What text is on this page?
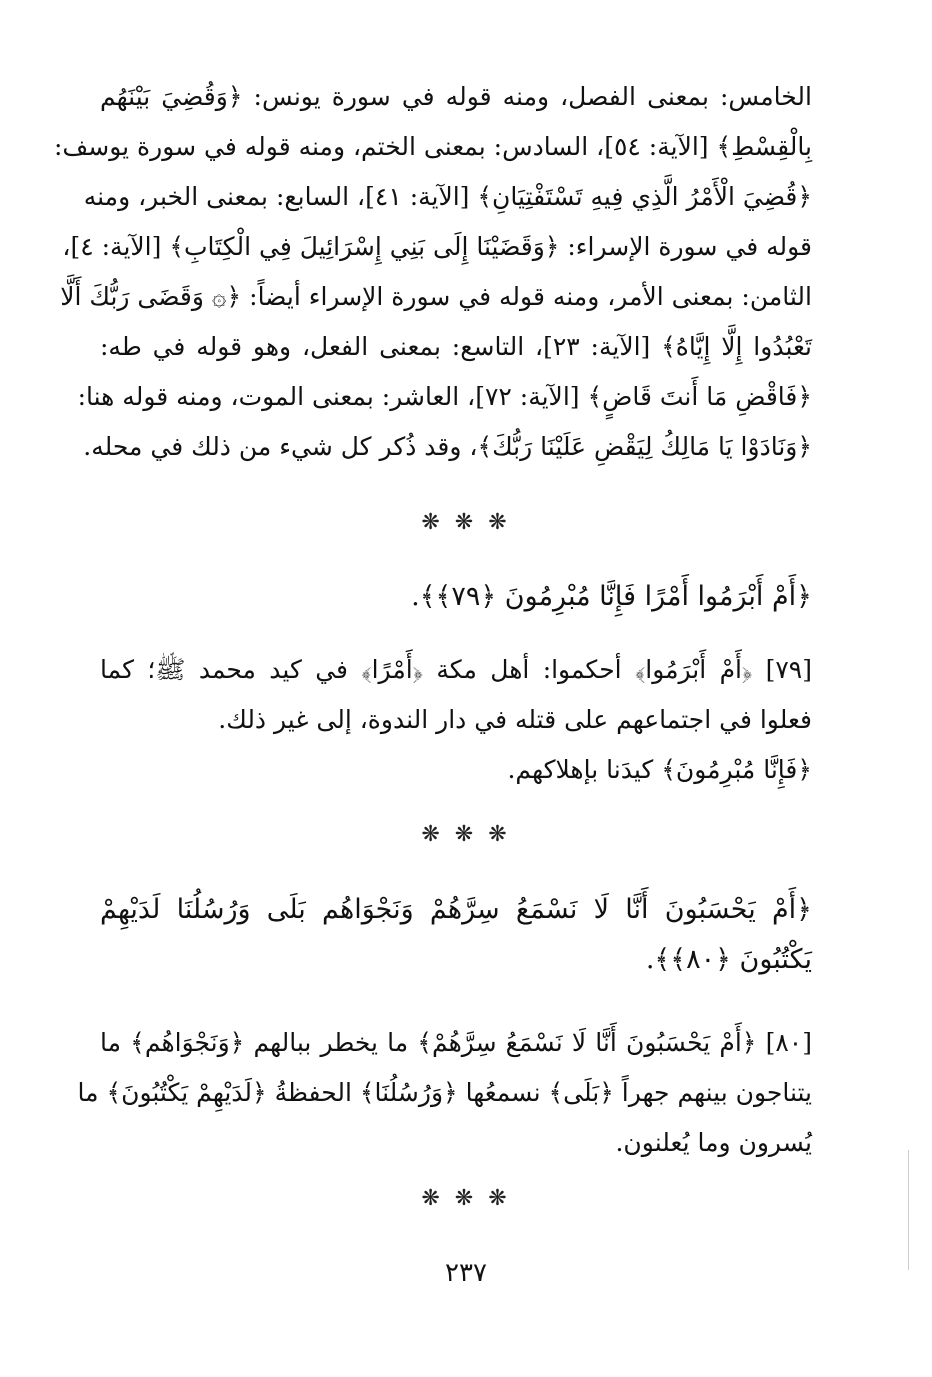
الخامس: بمعنى الفصل، ومنه قوله في سورة يونس: ﴿وَقُضِيَ بَيْنَهُم
بِالْقِسْطِ﴾ [الآية: ٥٤]، السادس: بمعنى الختم، ومنه قوله في سورة يوسف:
﴿قُضِيَ الْأَمْرُ الَّذِي فِيهِ تَسْتَفْتِيَانِ﴾ [الآية: ٤١]، السابع: بمعنى الخبر، ومنه
قوله في سورة الإسراء: ﴿وَقَضَيْنَا إِلَى بَنِي إِسْرَائِيلَ فِي الْكِتَابِ﴾ [الآية: ٤]،
الثامن: بمعنى الأمر، ومنه قوله في سورة الإسراء أيضاً: ﴿۞ وَقَضَى رَبُّكَ أَلَّا
تَعْبُدُوا إِلَّا إِيَّاهُ﴾ [الآية: ٢٣]، التاسع: بمعنى الفعل، وهو قوله في طه:
﴿فَاقْضِ مَا أَنتَ قَاضٍ﴾ [الآية: ٧٢]، العاشر: بمعنى الموت، ومنه قوله هنا:
﴿وَنَادَوْا يَا مَالِكُ لِيَقْضِ عَلَيْنَا رَبُّكَ﴾، وقد ذُكر كل شيء من ذلك في محله.
❋ ❋ ❋
﴿أَمْ أَبْرَمُوا أَمْرًا فَإِنَّا مُبْرِمُونَ ﴿٧٩﴾﴾.
[٧٩] ﴿أَمْ أَبْرَمُوا﴾ أحكموا: أهل مكة ﴿أَمْرًا﴾ في كيد محمد ﷺ؛ كما
فعلوا في اجتماعهم على قتله في دار الندوة، إلى غير ذلك.
﴿فَإِنَّا مُبْرِمُونَ﴾ كيدَنا بإهلاكهم.
❋ ❋ ❋
﴿أَمْ يَحْسَبُونَ أَنَّا لَا نَسْمَعُ سِرَّهُمْ وَنَجْوَاهُم بَلَى وَرُسُلُنَا لَدَيْهِمْ
يَكْتُبُونَ ﴿٨٠﴾﴾.
[٨٠] ﴿أَمْ يَحْسَبُونَ أَنَّا لَا نَسْمَعُ سِرَّهُمْ﴾ ما يخطر ببالهم ﴿وَنَجْوَاهُم﴾ ما
يتناجون بينهم جهراً ﴿بَلَى﴾ نسمعُها ﴿وَرُسُلُنَا﴾ الحفظةُ ﴿لَدَيْهِمْ يَكْتُبُونَ﴾ ما
يُسرون وما يُعلنون.
❋ ❋ ❋
٢٣٧
